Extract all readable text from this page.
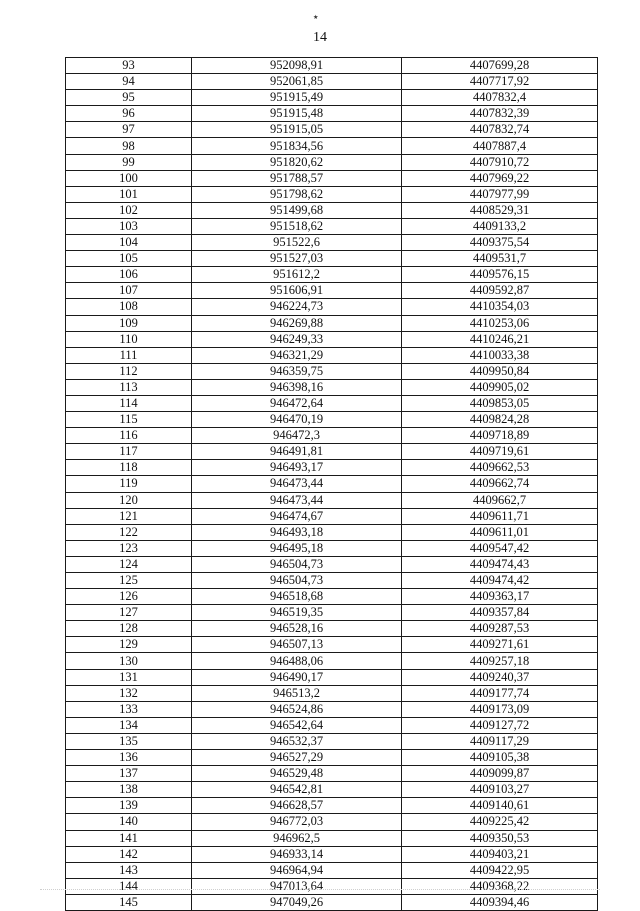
٭
14
93	952098,91	4407699,28
94	952061,85	4407717,92
95	951915,49	4407832,4
96	951915,48	4407832,39
97	951915,05	4407832,74
98	951834,56	4407887,4
99	951820,62	4407910,72
100	951788,57	4407969,22
101	951798,62	4407977,99
102	951499,68	4408529,31
103	951518,62	4409133,2
104	951522,6	4409375,54
105	951527,03	4409531,7
106	951612,2	4409576,15
107	951606,91	4409592,87
108	946224,73	4410354,03
109	946269,88	4410253,06
110	946249,33	4410246,21
111	946321,29	4410033,38
112	946359,75	4409950,84
113	946398,16	4409905,02
114	946472,64	4409853,05
115	946470,19	4409824,28
116	946472,3	4409718,89
117	946491,81	4409719,61
118	946493,17	4409662,53
119	946473,44	4409662,74
120	946473,44	4409662,7
121	946474,67	4409611,71
122	946493,18	4409611,01
123	946495,18	4409547,42
124	946504,73	4409474,43
125	946504,73	4409474,42
126	946518,68	4409363,17
127	946519,35	4409357,84
128	946528,16	4409287,53
129	946507,13	4409271,61
130	946488,06	4409257,18
131	946490,17	4409240,37
132	946513,2	4409177,74
133	946524,86	4409173,09
134	946542,64	4409127,72
135	946532,37	4409117,29
136	946527,29	4409105,38
137	946529,48	4409099,87
138	946542,81	4409103,27
139	946628,57	4409140,61
140	946772,03	4409225,42
141	946962,5	4409350,53
142	946933,14	4409403,21
143	946964,94	4409422,95
144	947013,64	4409368,22
145	947049,26	4409394,46
